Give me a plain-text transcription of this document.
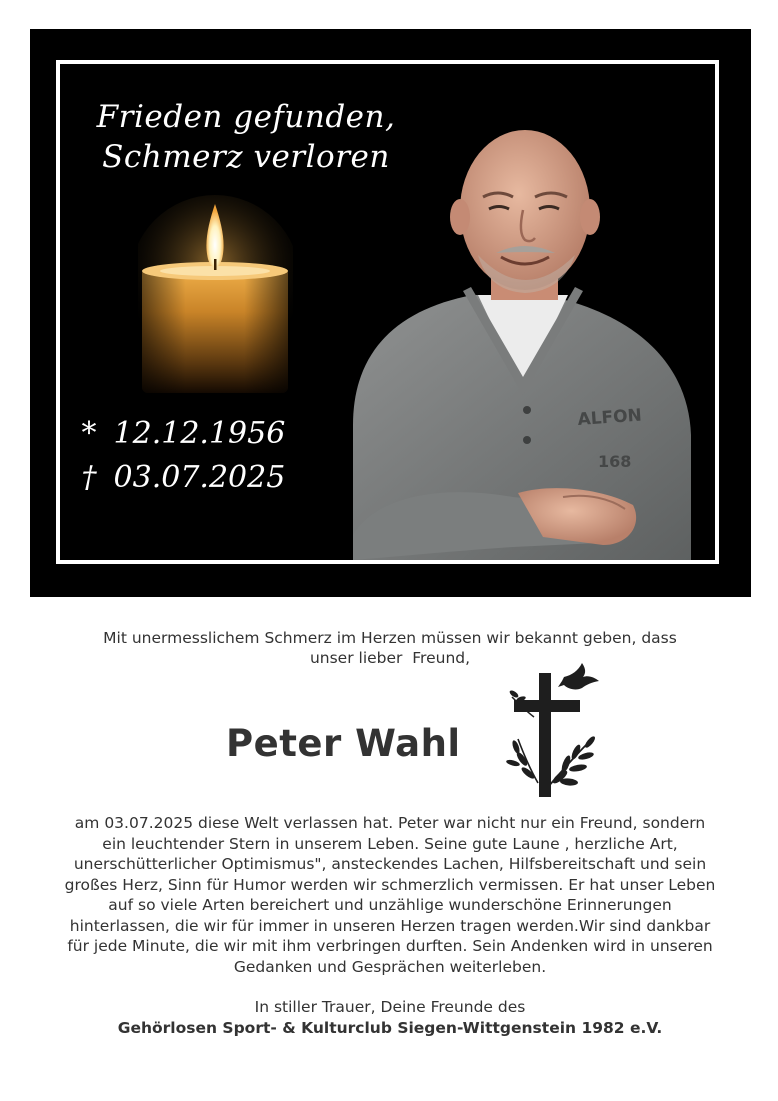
Frieden gefunden,
Schmerz verloren
* 12.12.1956
† 03.07.2025
ALFON
168
Mit unermesslichem Schmerz im Herzen müssen wir bekannt geben, dass
unser lieber  Freund,
Peter Wahl
am 03.07.2025 diese Welt verlassen hat. Peter war nicht nur ein Freund, sondern
ein leuchtender Stern in unserem Leben. Seine gute Laune , herzliche Art,
unerschütterlicher Optimismus", ansteckendes Lachen, Hilfsbereitschaft und sein
großes Herz, Sinn für Humor werden wir schmerzlich vermissen. Er hat unser Leben
auf so viele Arten bereichert und unzählige wunderschöne Erinnerungen
hinterlassen, die wir für immer in unseren Herzen tragen werden.Wir sind dankbar
für jede Minute, die wir mit ihm verbringen durften. Sein Andenken wird in unseren
Gedanken und Gesprächen weiterleben.
In stiller Trauer, Deine Freunde des
Gehörlosen Sport- & Kulturclub Siegen-Wittgenstein 1982 e.V.
